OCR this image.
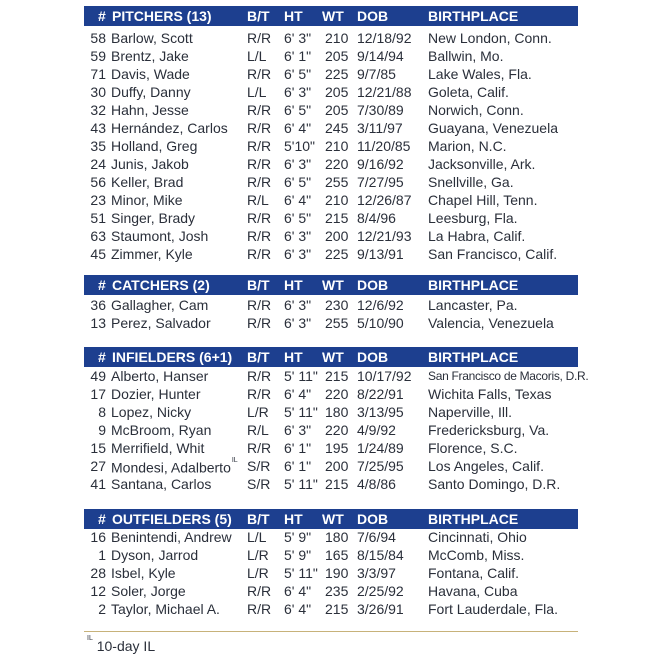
# PITCHERS (13)	B/T HT WT DOB	BIRTHPLACE
58 Barlow, Scott	R/R 6' 3" 210 12/18/92 New London, Conn.
59 Brentz, Jake	L/L 6' 1" 205 9/14/94 Ballwin, Mo.
71 Davis, Wade	R/R 6' 5" 225 9/7/85 Lake Wales, Fla.
30 Duffy, Danny	L/L 6' 3" 205 12/21/88 Goleta, Calif.
32 Hahn, Jesse	R/R 6' 5" 205 7/30/89 Norwich, Conn.
43 Hernández, Carlos R/R 6' 4" 245 3/11/97 Guayana, Venezuela
35 Holland, Greg	R/R 5'10" 210 11/20/85 Marion, N.C.
24 Junis, Jakob	R/R 6' 3" 220 9/16/92 Jacksonville, Ark.
56 Keller, Brad	R/R 6' 5" 255 7/27/95 Snellville, Ga.
23 Minor, Mike	R/L 6' 4" 210 12/26/87 Chapel Hill, Tenn.
51 Singer, Brady	R/R 6' 5" 215 8/4/96 Leesburg, Fla.
63 Staumont, Josh	R/R 6' 3" 200 12/21/93 La Habra, Calif.
45 Zimmer, Kyle	R/R 6' 3" 225 9/13/91 San Francisco, Calif.
# CATCHERS (2)	B/T HT WT DOB	BIRTHPLACE
36 Gallagher, Cam	R/R 6' 3" 230 12/6/92 Lancaster, Pa.
13 Perez, Salvador	R/R 6' 3" 255 5/10/90 Valencia, Venezuela
# INFIELDERS (6+1) B/T HT WT DOB	BIRTHPLACE
49 Alberto, Hanser	R/R 5' 11" 215 10/17/92 San Francisco de Macoris, D.R.
17 Dozier, Hunter	R/R 6' 4" 220 8/22/91 Wichita Falls, Texas
8 Lopez, Nicky	L/R 5' 11" 180 3/13/95 Naperville, Ill.
9 McBroom, Ryan	R/L 6' 3" 220 4/9/92 Fredericksburg, Va.
15 Merrifield, Whit	R/R 6' 1" 195 1/24/89 Florence, S.C.
27 Mondesi, Adalberto$^{IL}$ S/R 6' 1" 200 7/25/95 Los Angeles, Calif.
41 Santana, Carlos	S/R 5' 11" 215 4/8/86 Santo Domingo, D.R.
# OUTFIELDERS (5) B/T HT WT DOB	BIRTHPLACE
16 Benintendi, Andrew L/L 5' 9" 180 7/6/94 Cincinnati, Ohio
1 Dyson, Jarrod	L/R 5' 9" 165 8/15/84 McComb, Miss.
28 Isbel, Kyle	L/R 5' 11" 190 3/3/97 Fontana, Calif.
12 Soler, Jorge	R/R 6' 4" 235 2/25/92 Havana, Cuba
2 Taylor, Michael A. R/R 6' 4" 215 3/26/91 Fort Lauderdale, Fla.
$^{IL}$ 10-day IL
